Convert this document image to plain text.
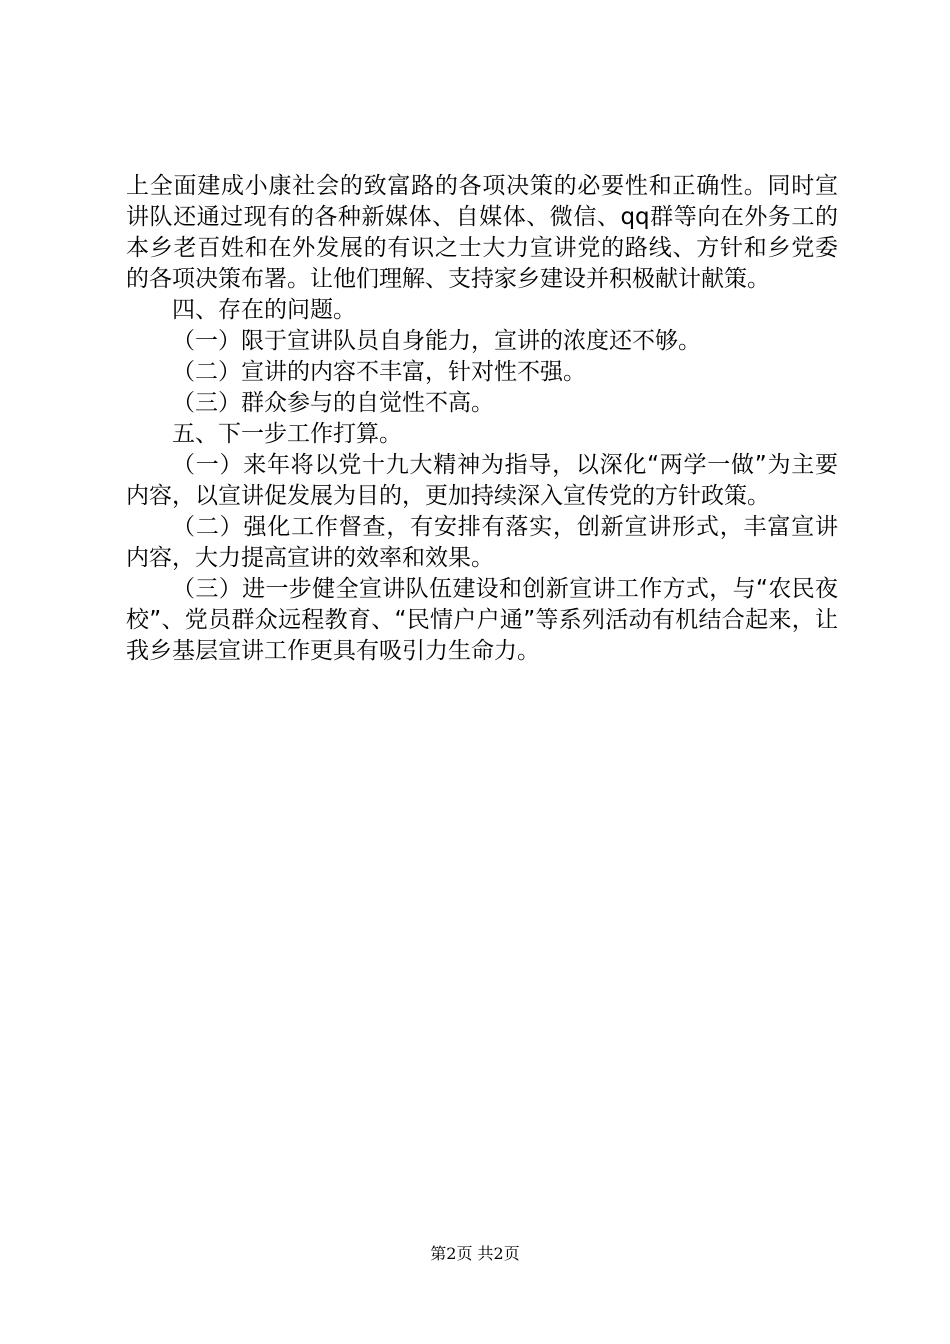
上全面建成小康社会的致富路的各项决策的必要性和正确性。同时宣讲队还通过现有的各种新媒体、自媒体、微信、qq群等向在外务工的本乡老百姓和在外发展的有识之士大力宣讲党的路线、方针和乡党委的各项决策布署。让他们理解、支持家乡建设并积极献计献策。

四、存在的问题。

（一）限于宣讲队员自身能力，宣讲的浓度还不够。

（二）宣讲的内容不丰富，针对性不强。

（三）群众参与的自觉性不高。

五、下一步工作打算。

（一）来年将以党十九大精神为指导，以深化“两学一做”为主要内容，以宣讲促发展为目的，更加持续深入宣传党的方针政策。

（二）强化工作督查，有安排有落实，创新宣讲形式，丰富宣讲内容，大力提高宣讲的效率和效果。

（三）进一步健全宣讲队伍建设和创新宣讲工作方式，与“农民夜校”、党员群众远程教育、“民情户户通”等系列活动有机结合起来，让我乡基层宣讲工作更具有吸引力生命力。

第2页 共2页
